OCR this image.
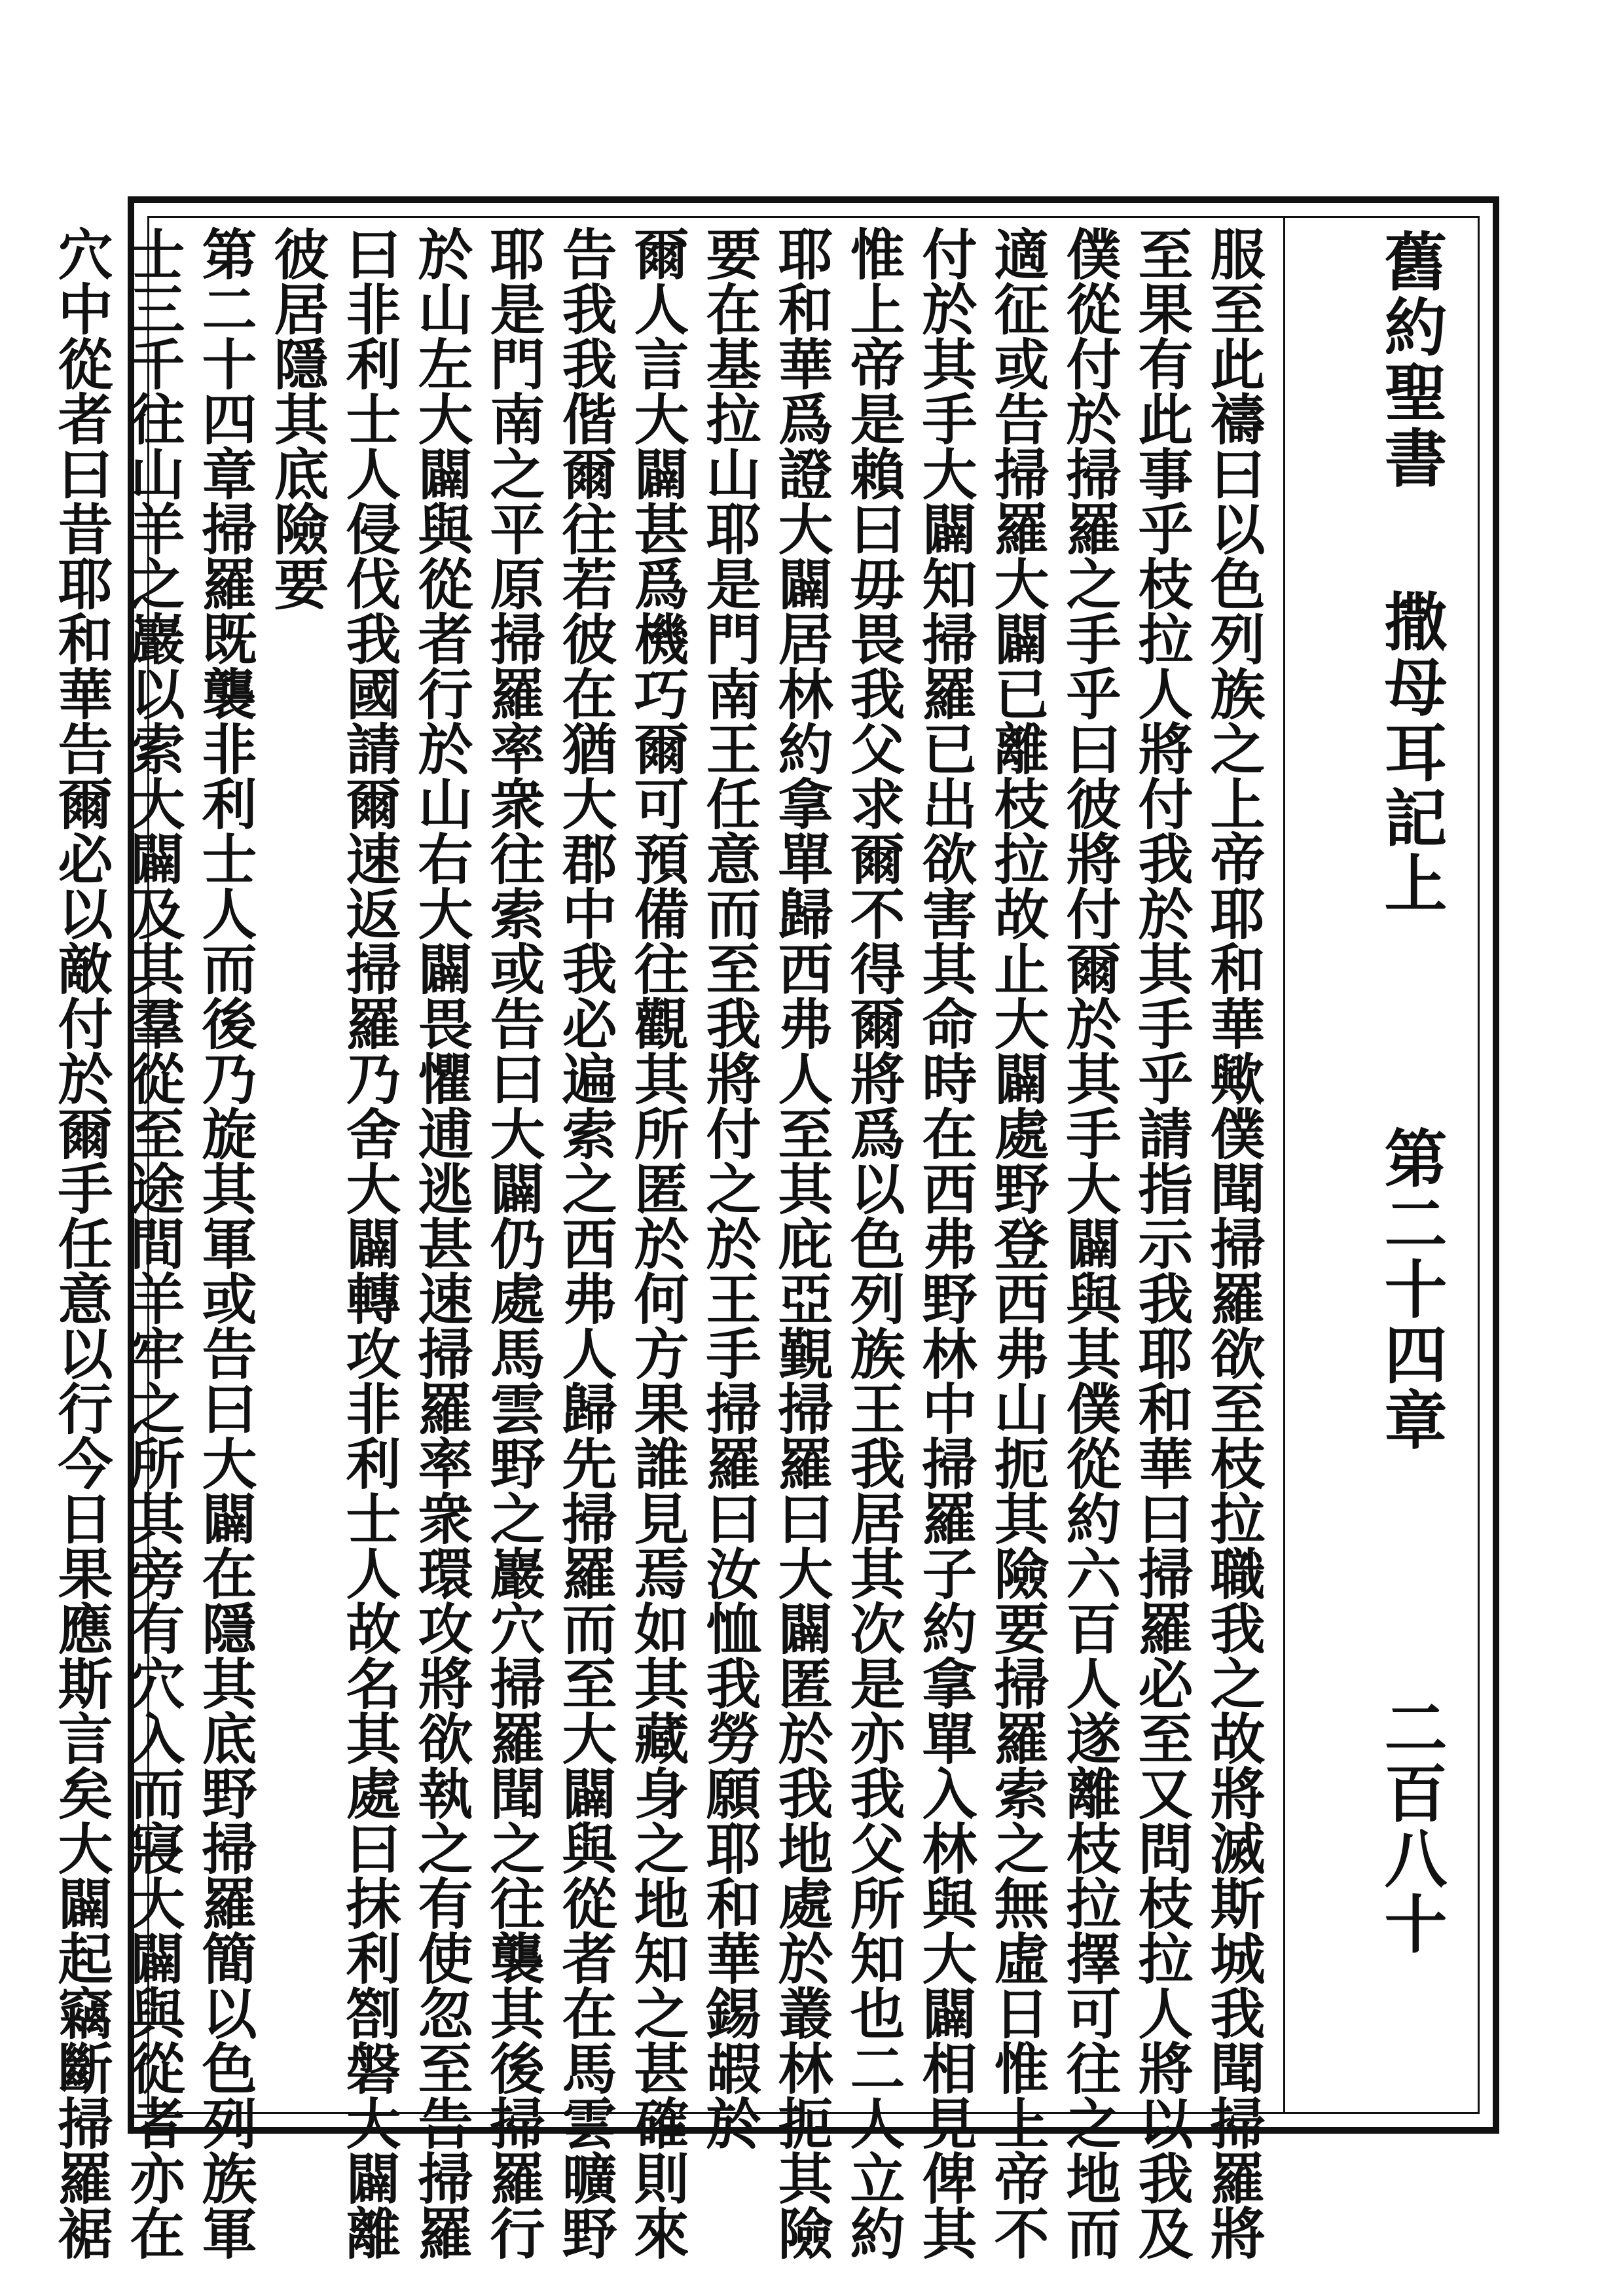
舊約聖書撒母耳記上第二十四章二百八十
服至此禱曰以色列族之上帝耶和華歟僕聞掃羅欲至枝拉職我之故將滅斯城我聞掃羅將
至果有此事乎枝拉人將付我於其手乎請指示我耶和華曰掃羅必至又問枝拉人將以我及
僕從付於掃羅之手乎曰彼將付爾於其手大闢與其僕從約六百人遂離枝拉擇可往之地而
適征或告掃羅大闢已離枝拉故止大闢處野登西弗山扼其險要掃羅索之無虛日惟上帝不
付於其手大闢知掃羅已出欲害其命時在西弗野林中掃羅子約拿單入林與大闢相見俾其
惟上帝是賴曰毋畏我父求爾不得爾將爲以色列族王我居其次是亦我父所知也二人立約
耶和華爲證大闢居林約拿單歸西弗人至其庇亞覲掃羅曰大闢匿於我地處於叢林扼其險
要在基拉山耶是門南王任意而至我將付之於王手掃羅曰汝恤我勞願耶和華錫嘏於
爾人言大闢甚爲機巧爾可預備往觀其所匿於何方果誰見焉如其藏身之地知之甚確則來
告我我偕爾往若彼在猶大郡中我必遍索之西弗人歸先掃羅而至大闢與從者在馬雲曠野
耶是門南之平原掃羅率衆往索或告曰大闢仍處馬雲野之巖穴掃羅聞之往襲其後掃羅行
於山左大闢與從者行於山右大闢畏懼逋逃甚速掃羅率衆環攻將欲執之有使忽至告掃羅
曰非利士人侵伐我國請爾速返掃羅乃舍大闢轉攻非利士人故名其處曰抹利劄磐大闢離
彼居隱其底險要
第二十四章掃羅既襲非利士人而後乃旋其軍或告曰大闢在隱其底野掃羅簡以色列族軍
士三千往山羊之巖以索大闢及其羣從至途間羊牢之所其旁有穴入而寢大闢與從者亦在
穴中從者曰昔耶和華告爾必以敵付於爾手任意以行今日果應斯言矣大闢起竊斷掃羅裾
